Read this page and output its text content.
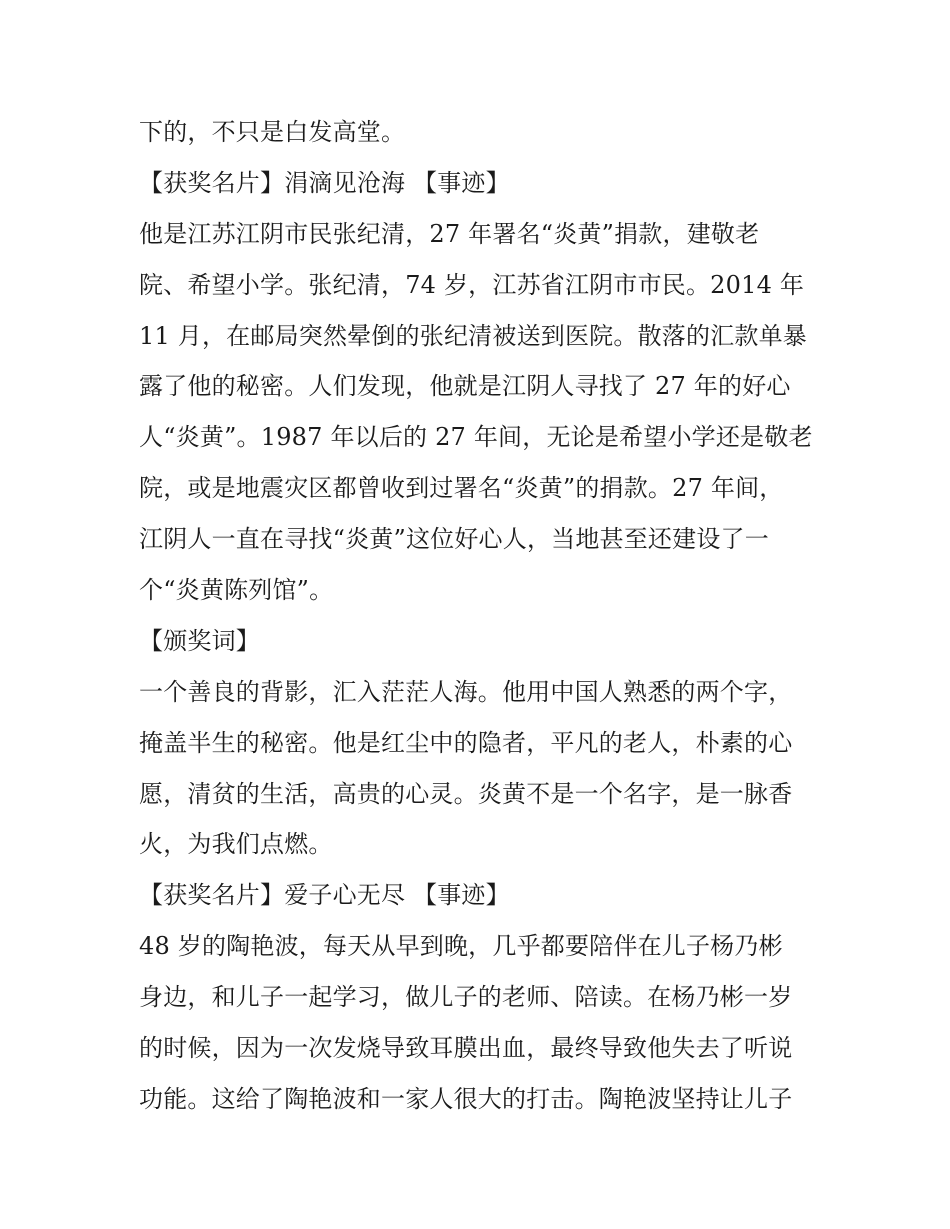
下的，不只是白发高堂。
【获奖名片】涓滴见沧海 【事迹】
他是江苏江阴市民张纪清，27 年署名“炎黄”捐款，建敬老
院、希望小学。张纪清，74 岁，江苏省江阴市市民。2014 年
11 月，在邮局突然晕倒的张纪清被送到医院。散落的汇款单暴
露了他的秘密。人们发现，他就是江阴人寻找了 27 年的好心
人“炎黄”。1987 年以后的 27 年间，无论是希望小学还是敬老
院，或是地震灾区都曾收到过署名“炎黄”的捐款。27 年间，
江阴人一直在寻找“炎黄”这位好心人，当地甚至还建设了一
个“炎黄陈列馆”。
【颁奖词】
一个善良的背影，汇入茫茫人海。他用中国人熟悉的两个字，
掩盖半生的秘密。他是红尘中的隐者，平凡的老人，朴素的心
愿，清贫的生活，高贵的心灵。炎黄不是一个名字，是一脉香
火，为我们点燃。
【获奖名片】爱子心无尽 【事迹】
48 岁的陶艳波，每天从早到晚，几乎都要陪伴在儿子杨乃彬
身边，和儿子一起学习，做儿子的老师、陪读。在杨乃彬一岁
的时候，因为一次发烧导致耳膜出血，最终导致他失去了听说
功能。这给了陶艳波和一家人很大的打击。陶艳波坚持让儿子
